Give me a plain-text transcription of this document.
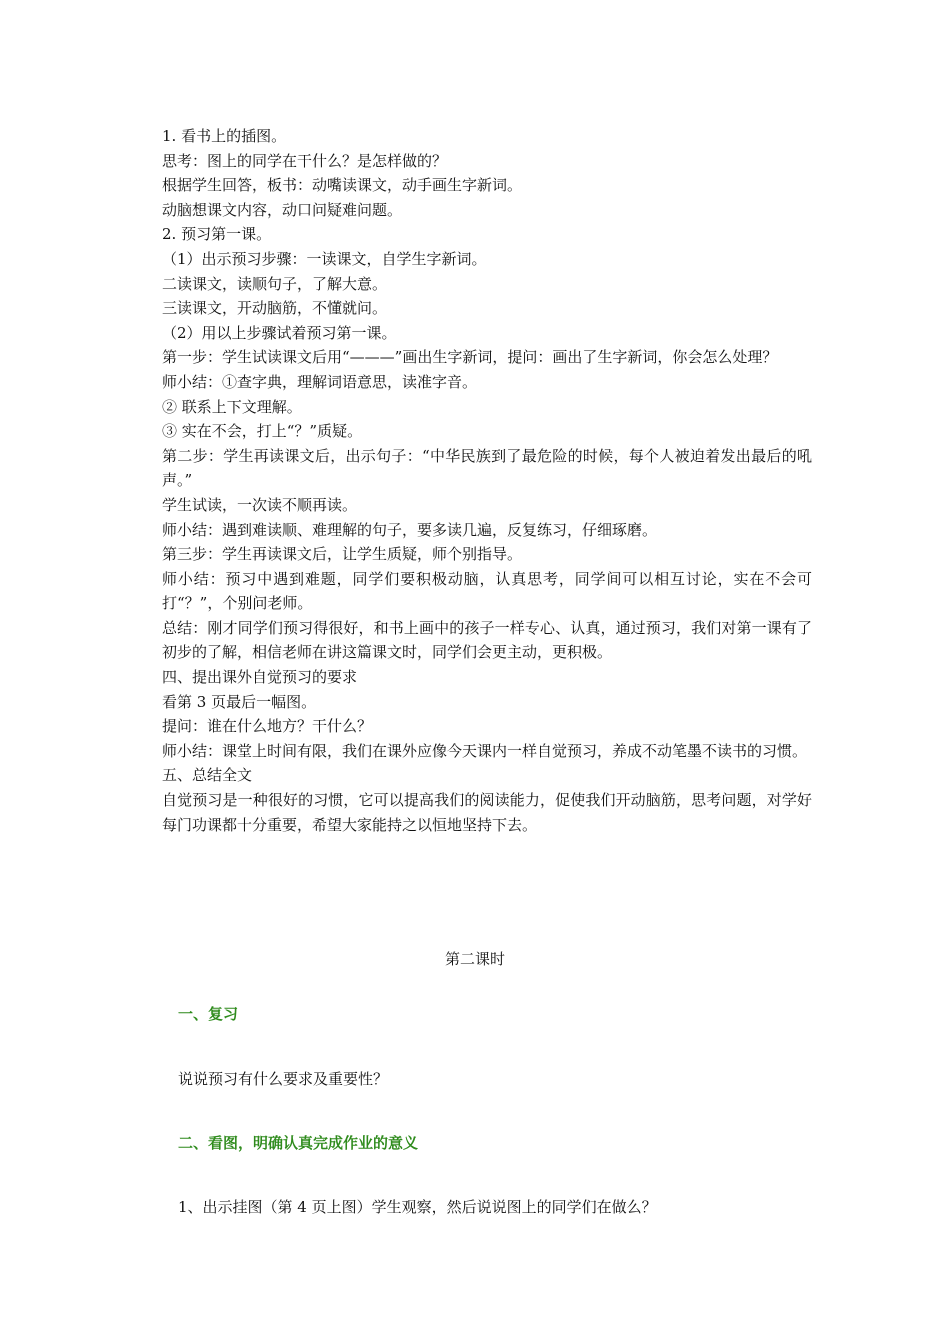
1. 看书上的插图。

思考：图上的同学在干什么？是怎样做的？

根据学生回答，板书：动嘴读课文，动手画生字新词。

动脑想课文内容，动口问疑难问题。

2. 预习第一课。

（1）出示预习步骤：一读课文，自学生字新词。

二读课文，读顺句子，了解大意。

三读课文，开动脑筋，不懂就问。

（2）用以上步骤试着预习第一课。

第一步：学生试读课文后用“———”画出生字新词，提问：画出了生字新词，你会怎么处理？

师小结：①查字典，理解词语意思，读准字音。

② 联系上下文理解。

③ 实在不会，打上“？”质疑。

第二步：学生再读课文后，出示句子：“中华民族到了最危险的时候，每个人被迫着发出最后的吼声。”

学生试读，一次读不顺再读。

师小结：遇到难读顺、难理解的句子，要多读几遍，反复练习，仔细琢磨。

第三步：学生再读课文后，让学生质疑，师个别指导。

师小结：预习中遇到难题，同学们要积极动脑，认真思考，同学间可以相互讨论，实在不会可打“？”，个别问老师。

总结：刚才同学们预习得很好，和书上画中的孩子一样专心、认真，通过预习，我们对第一课有了初步的了解，相信老师在讲这篇课文时，同学们会更主动，更积极。

四、提出课外自觉预习的要求

看第 3 页最后一幅图。

提问：谁在什么地方？干什么？

师小结：课堂上时间有限，我们在课外应像今天课内一样自觉预习，养成不动笔墨不读书的习惯。

五、总结全文

自觉预习是一种很好的习惯，它可以提高我们的阅读能力，促使我们开动脑筋，思考问题，对学好每门功课都十分重要，希望大家能持之以恒地坚持下去。

第二课时
一、复习
说说预习有什么要求及重要性？
二、看图，明确认真完成作业的意义
1、出示挂图（第 4 页上图）学生观察，然后说说图上的同学们在做么？
